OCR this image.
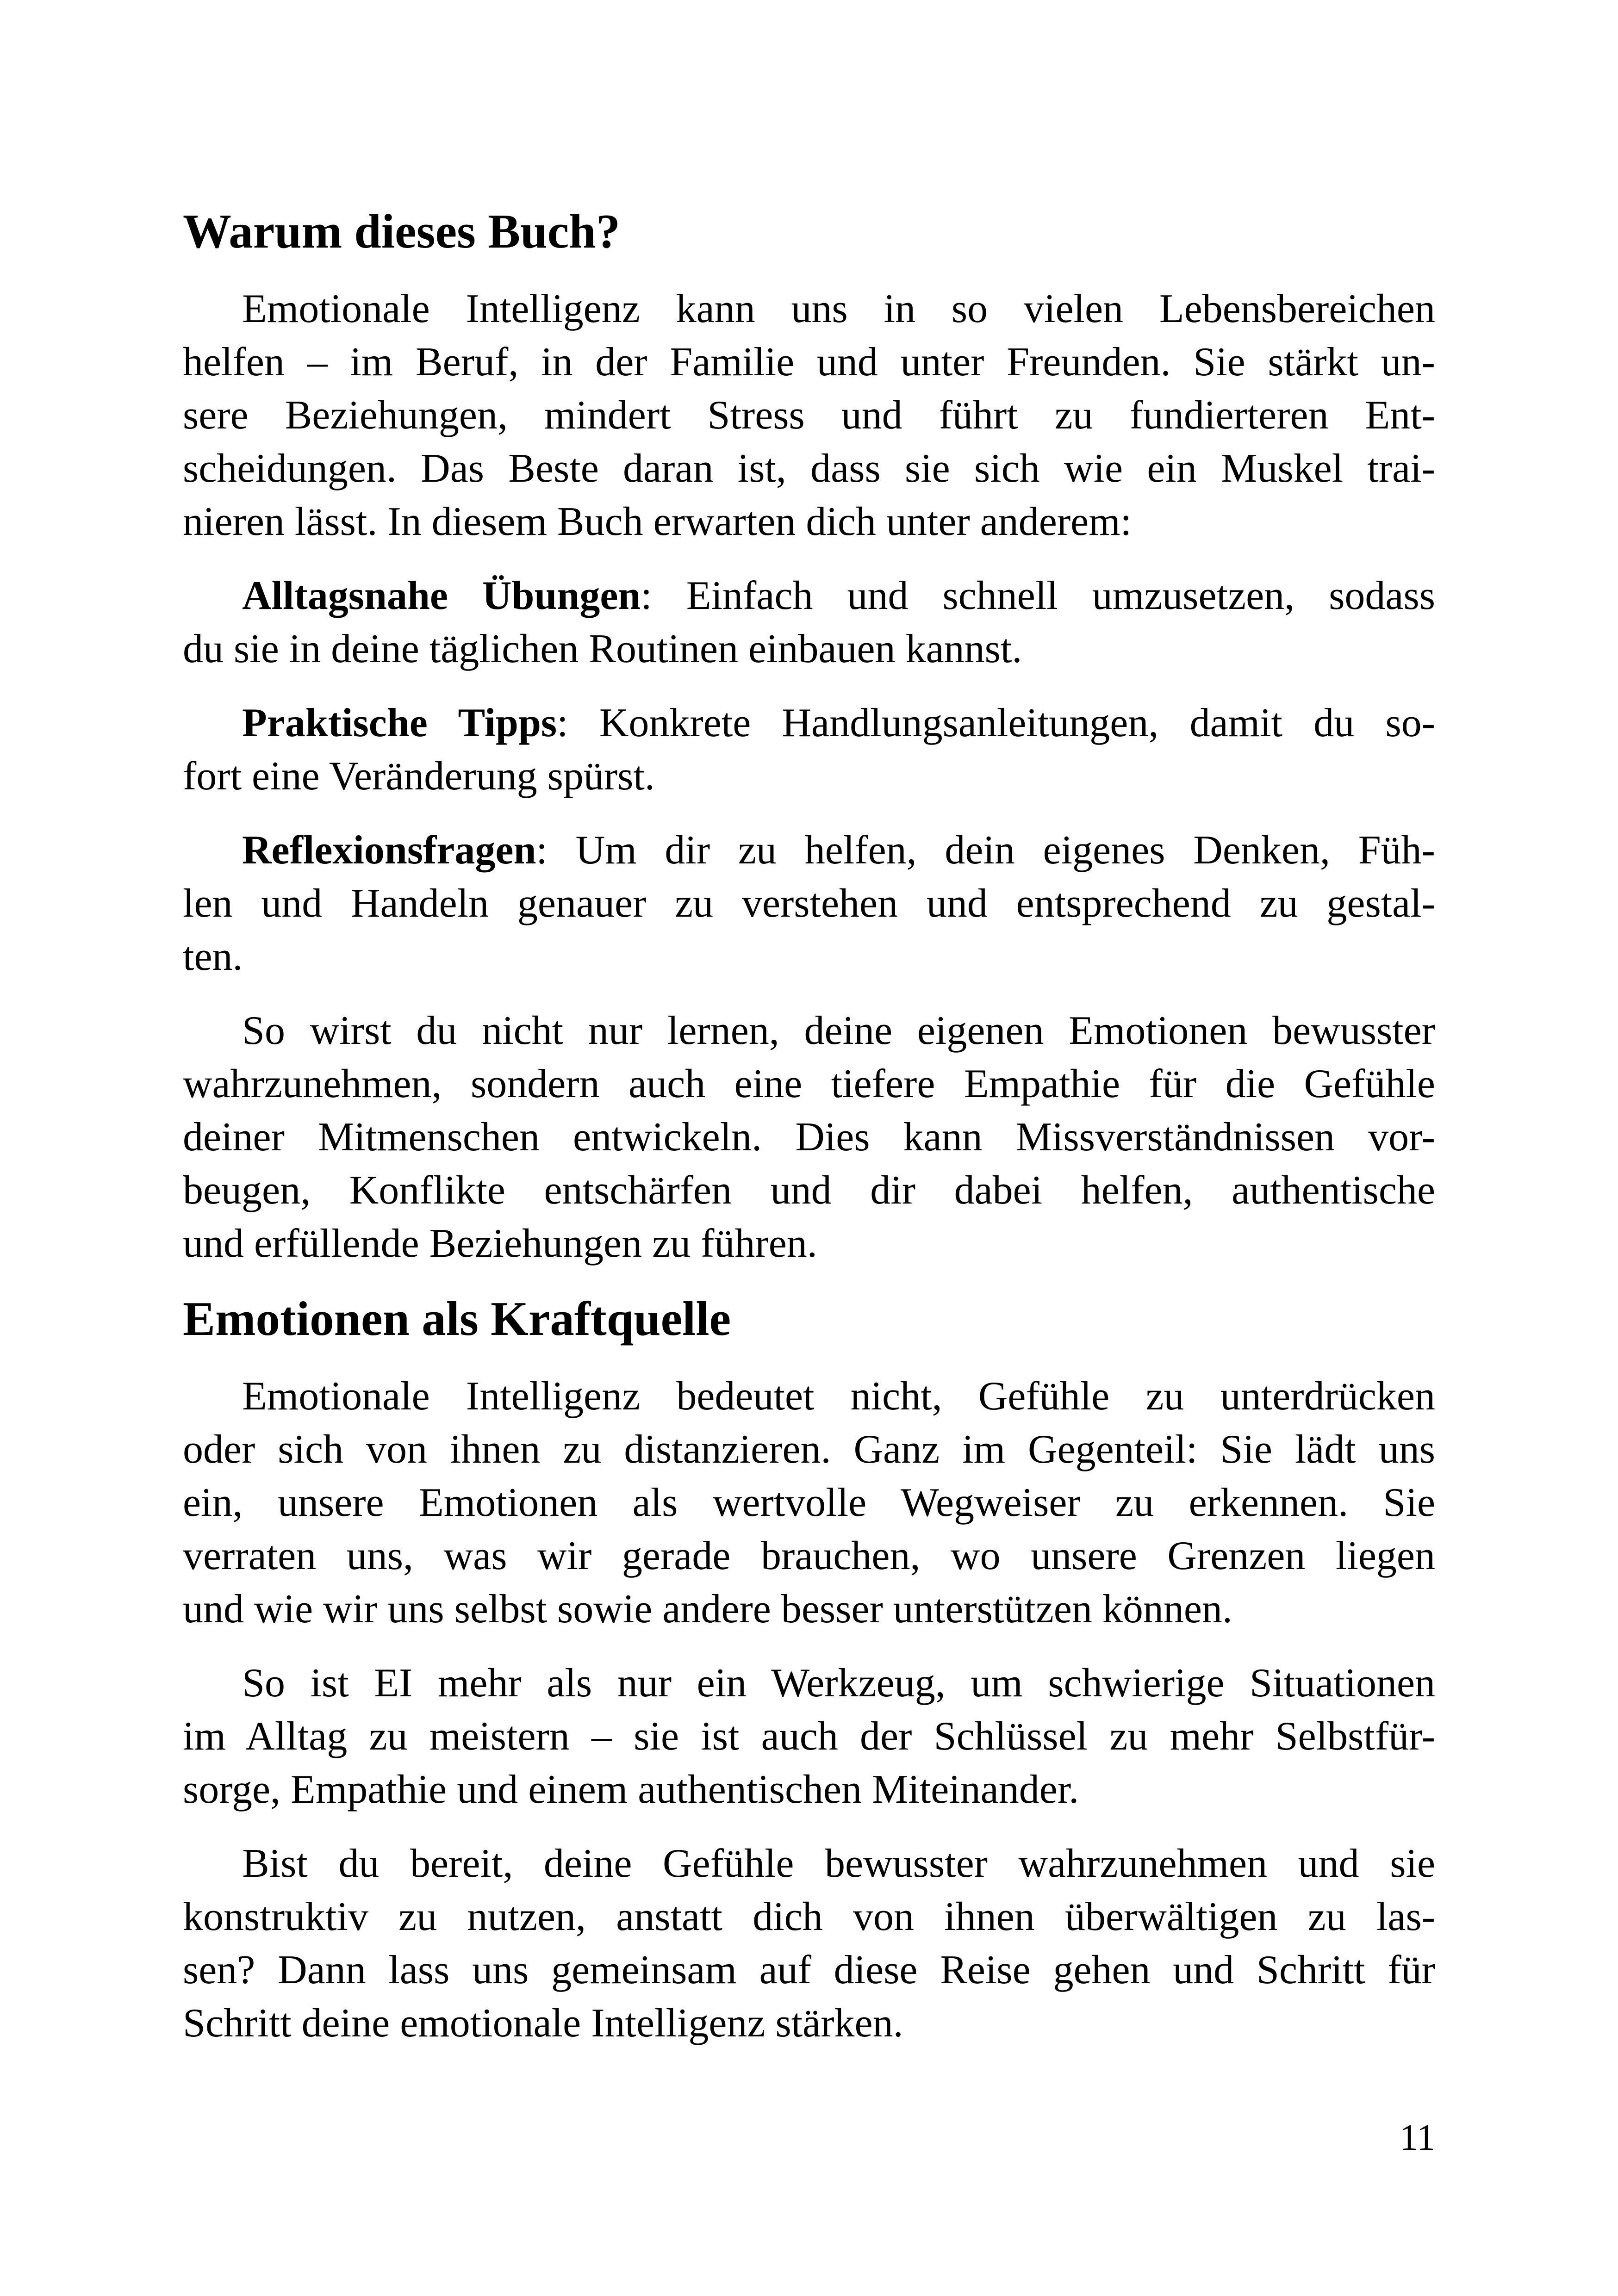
Warum dieses Buch?
Emotionale Intelligenz kann uns in so vielen Lebensbereichen
helfen – im Beruf, in der Familie und unter Freunden. Sie stärkt un-
sere Beziehungen, mindert Stress und führt zu fundierteren Ent-
scheidungen. Das Beste daran ist, dass sie sich wie ein Muskel trai-
nieren lässt. In diesem Buch erwarten dich unter anderem:
Alltagsnahe Übungen: Einfach und schnell umzusetzen, sodass
du sie in deine täglichen Routinen einbauen kannst.
Praktische Tipps: Konkrete Handlungsanleitungen, damit du so-
fort eine Veränderung spürst.
Reflexionsfragen: Um dir zu helfen, dein eigenes Denken, Füh-
len und Handeln genauer zu verstehen und entsprechend zu gestal-
ten.
So wirst du nicht nur lernen, deine eigenen Emotionen bewusster
wahrzunehmen, sondern auch eine tiefere Empathie für die Gefühle
deiner Mitmenschen entwickeln. Dies kann Missverständnissen vor-
beugen, Konflikte entschärfen und dir dabei helfen, authentische
und erfüllende Beziehungen zu führen.
Emotionen als Kraftquelle
Emotionale Intelligenz bedeutet nicht, Gefühle zu unterdrücken
oder sich von ihnen zu distanzieren. Ganz im Gegenteil: Sie lädt uns
ein, unsere Emotionen als wertvolle Wegweiser zu erkennen. Sie
verraten uns, was wir gerade brauchen, wo unsere Grenzen liegen
und wie wir uns selbst sowie andere besser unterstützen können.
So ist EI mehr als nur ein Werkzeug, um schwierige Situationen
im Alltag zu meistern – sie ist auch der Schlüssel zu mehr Selbstfür-
sorge, Empathie und einem authentischen Miteinander.
Bist du bereit, deine Gefühle bewusster wahrzunehmen und sie
konstruktiv zu nutzen, anstatt dich von ihnen überwältigen zu las-
sen? Dann lass uns gemeinsam auf diese Reise gehen und Schritt für
Schritt deine emotionale Intelligenz stärken.
11
